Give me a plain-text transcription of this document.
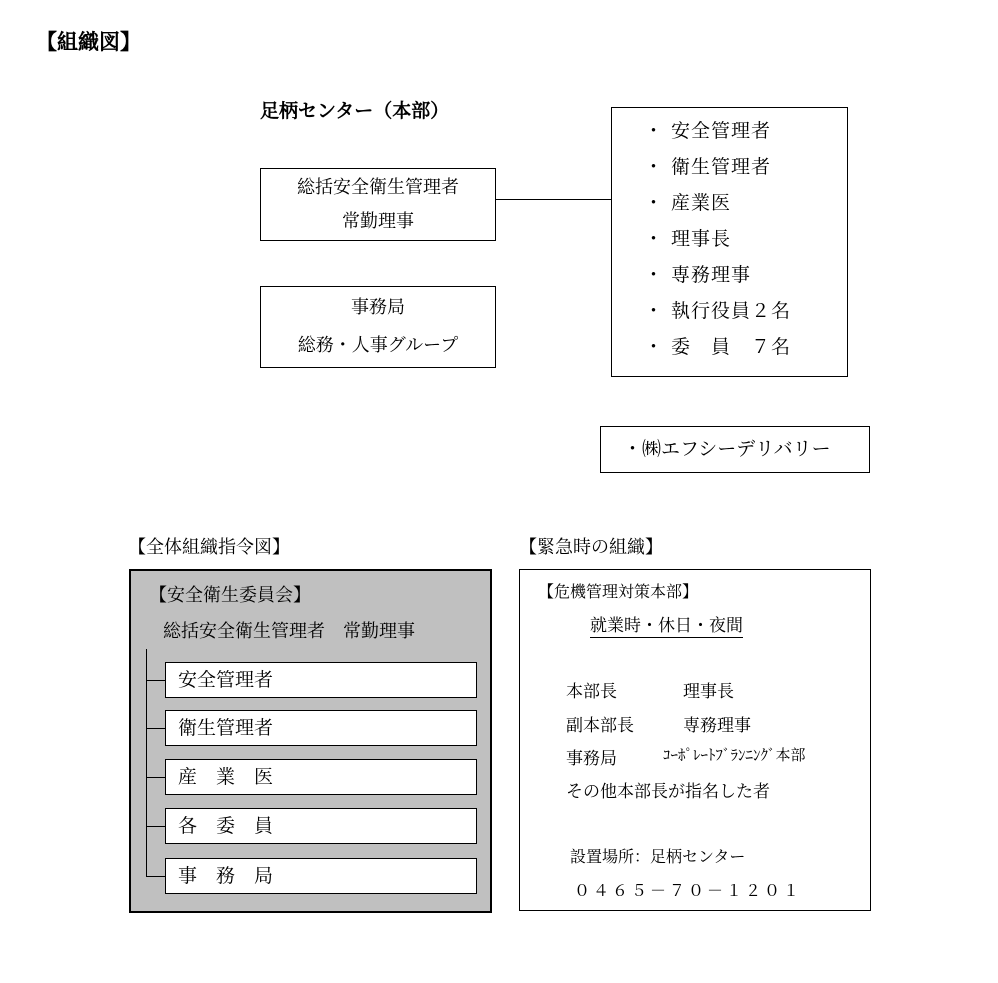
【組織図】
足柄センター（本部）
総括安全衛生管理者
常勤理事
事務局
総務・人事グループ
・ 安全管理者
・ 衛生管理者
・ 産業医
・ 理事長
・ 専務理事
・ 執行役員２名
・ 委　員　７名
・㈱エフシーデリバリー
【全体組織指令図】
【安全衛生委員会】
総括安全衛生管理者　常勤理事
安全管理者
衛生管理者
産　業　医
各　委　員
事　務　局
【緊急時の組織】
【危機管理対策本部】
就業時・休日・夜間
本部長	理事長
副本部長	専務理事
事務局	ｺｰﾎﾟﾚｰﾄﾌﾞﾗﾝﾆﾝｸﾞ本部
その他本部長が指名した者
設置場所：足柄センター
０４６５－７０－１２０１
